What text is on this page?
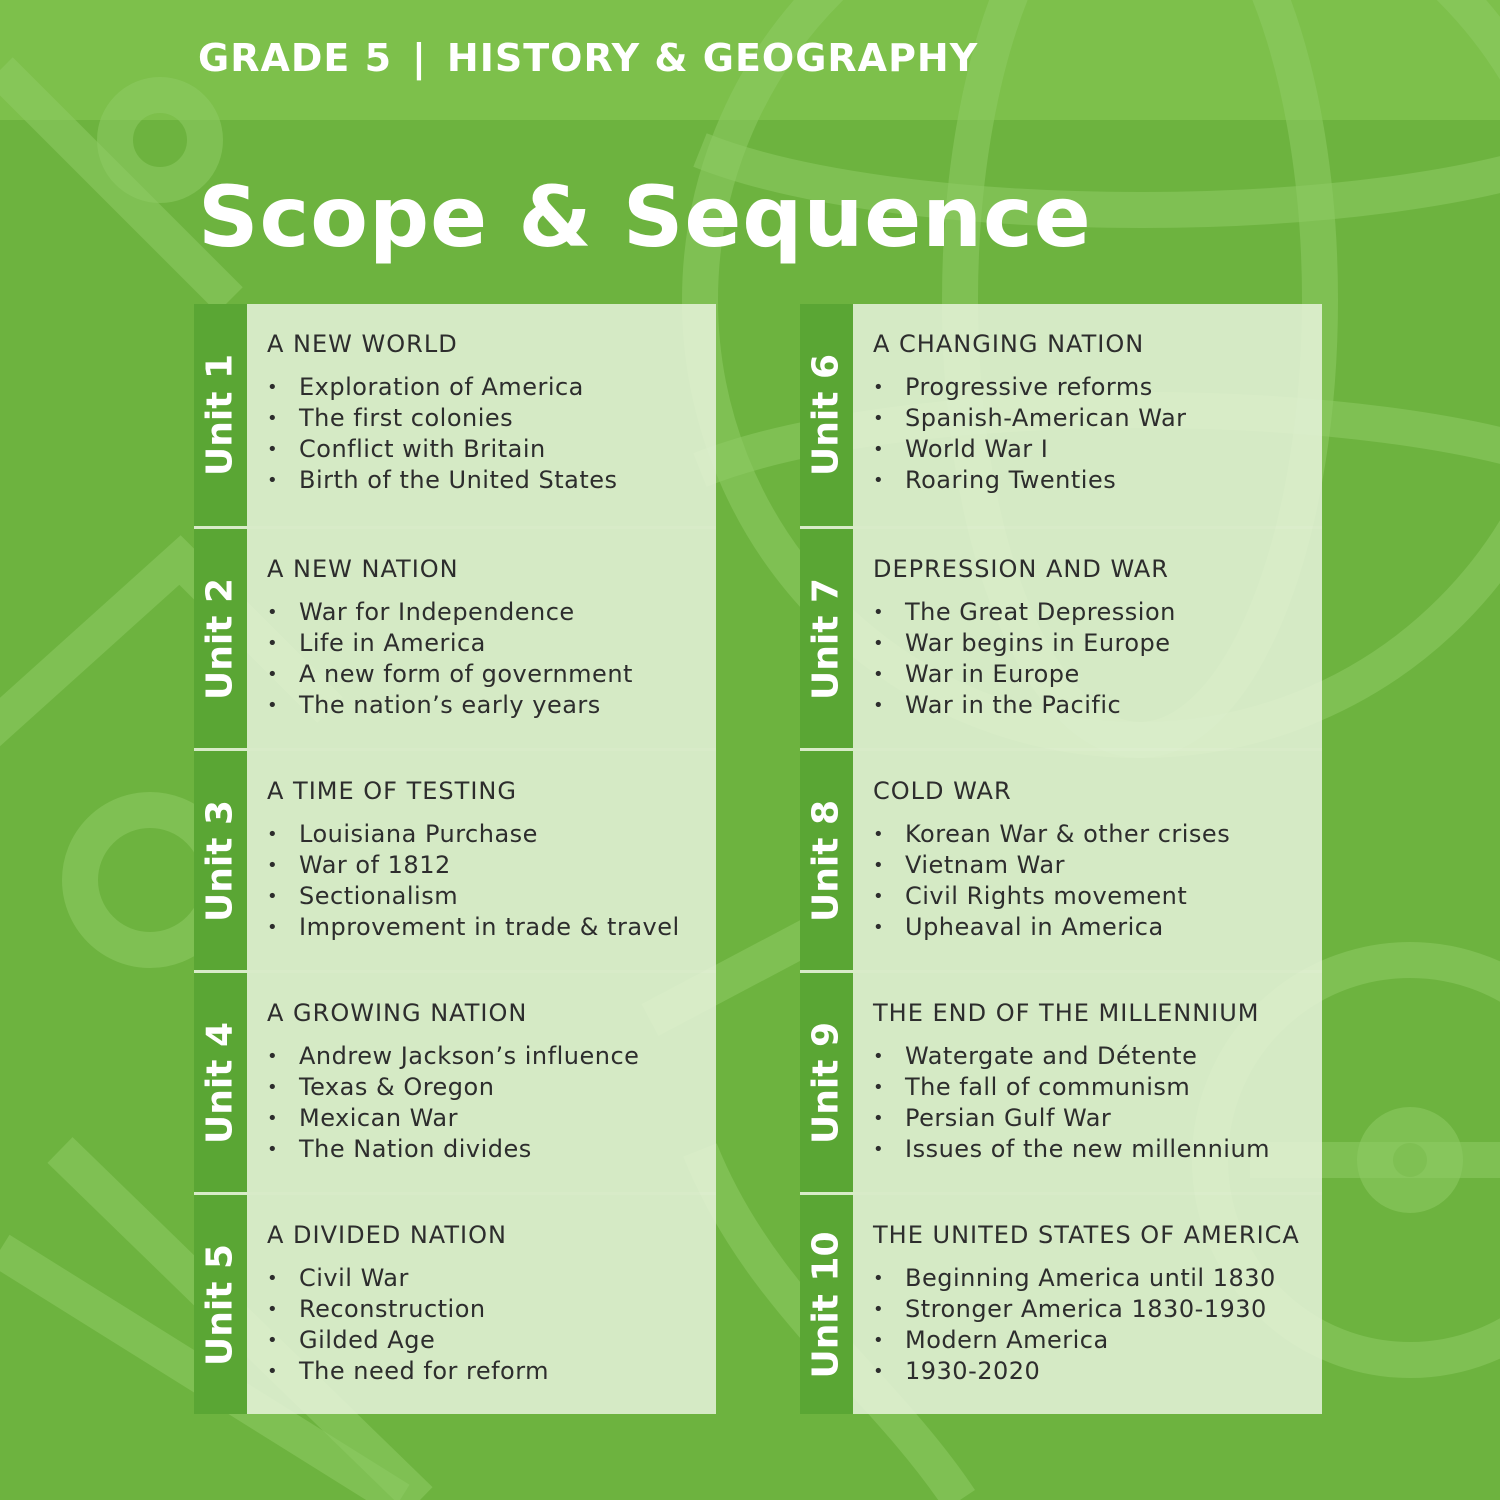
GRADE 5 | HISTORY & GEOGRAPHY
Scope & Sequence
Unit 1
A NEW WORLD
• Exploration of America
• The first colonies
• Conflict with Britain
• Birth of the United States
Unit 2
A NEW NATION
• War for Independence
• Life in America
• A new form of government
• The nation’s early years
Unit 3
A TIME OF TESTING
• Louisiana Purchase
• War of 1812
• Sectionalism
• Improvement in trade & travel
Unit 4
A GROWING NATION
• Andrew Jackson’s influence
• Texas & Oregon
• Mexican War
• The Nation divides
Unit 5
A DIVIDED NATION
• Civil War
• Reconstruction
• Gilded Age
• The need for reform
Unit 6
A CHANGING NATION
• Progressive reforms
• Spanish-American War
• World War I
• Roaring Twenties
Unit 7
DEPRESSION AND WAR
• The Great Depression
• War begins in Europe
• War in Europe
• War in the Pacific
Unit 8
COLD WAR
• Korean War & other crises
• Vietnam War
• Civil Rights movement
• Upheaval in America
Unit 9
THE END OF THE MILLENNIUM
• Watergate and Détente
• The fall of communism
• Persian Gulf War
• Issues of the new millennium
Unit 10 THE UNITED STATES OF AMERICA
• Beginning America until 1830
• Stronger America 1830-1930
• Modern America
• 1930-2020
